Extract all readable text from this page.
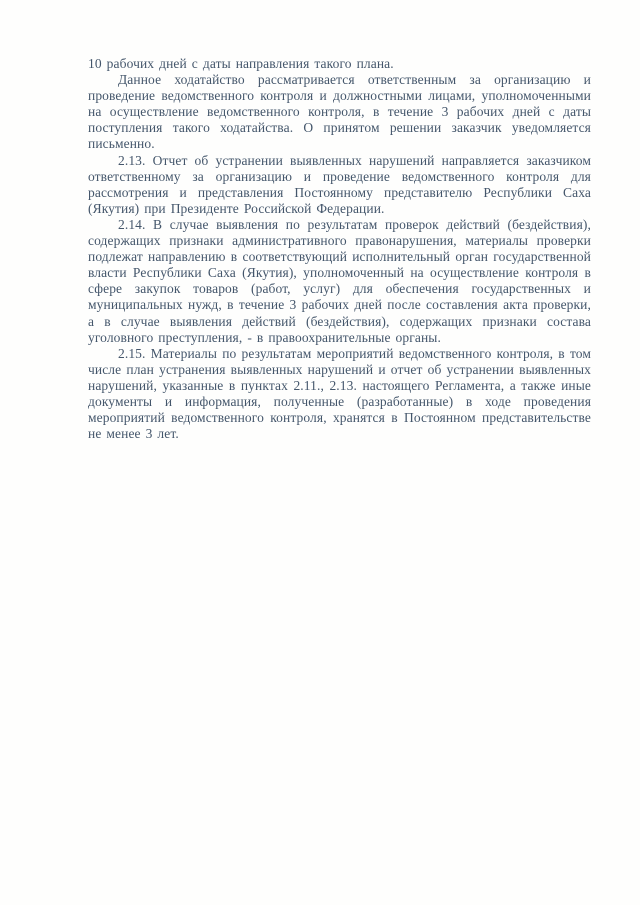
10 рабочих дней с даты направления такого плана.

Данное ходатайство рассматривается ответственным за организацию и проведение ведомственного контроля и должностными лицами, уполномоченными на осуществление ведомственного контроля, в течение 3 рабочих дней с даты поступления такого ходатайства. О принятом решении заказчик уведомляется письменно.

2.13. Отчет об устранении выявленных нарушений направляется заказчиком ответственному за организацию и проведение ведомственного контроля для рассмотрения и представления Постоянному представителю Республики Саха (Якутия) при Президенте Российской Федерации.

2.14. В случае выявления по результатам проверок действий (бездействия), содержащих признаки административного правонарушения, материалы проверки подлежат направлению в соответствующий исполнительный орган государственной власти Республики Саха (Якутия), уполномоченный на осуществление контроля в сфере закупок товаров (работ, услуг) для обеспечения государственных и муниципальных нужд, в течение 3 рабочих дней после составления акта проверки, а в случае выявления действий (бездействия), содержащих признаки состава уголовного преступления, - в правоохранительные органы.

2.15. Материалы по результатам мероприятий ведомственного контроля, в том числе план устранения выявленных нарушений и отчет об устранении выявленных нарушений, указанные в пунктах 2.11., 2.13. настоящего Регламента, а также иные документы и информация, полученные (разработанные) в ходе проведения мероприятий ведомственного контроля, хранятся в Постоянном представительстве не менее 3 лет.
